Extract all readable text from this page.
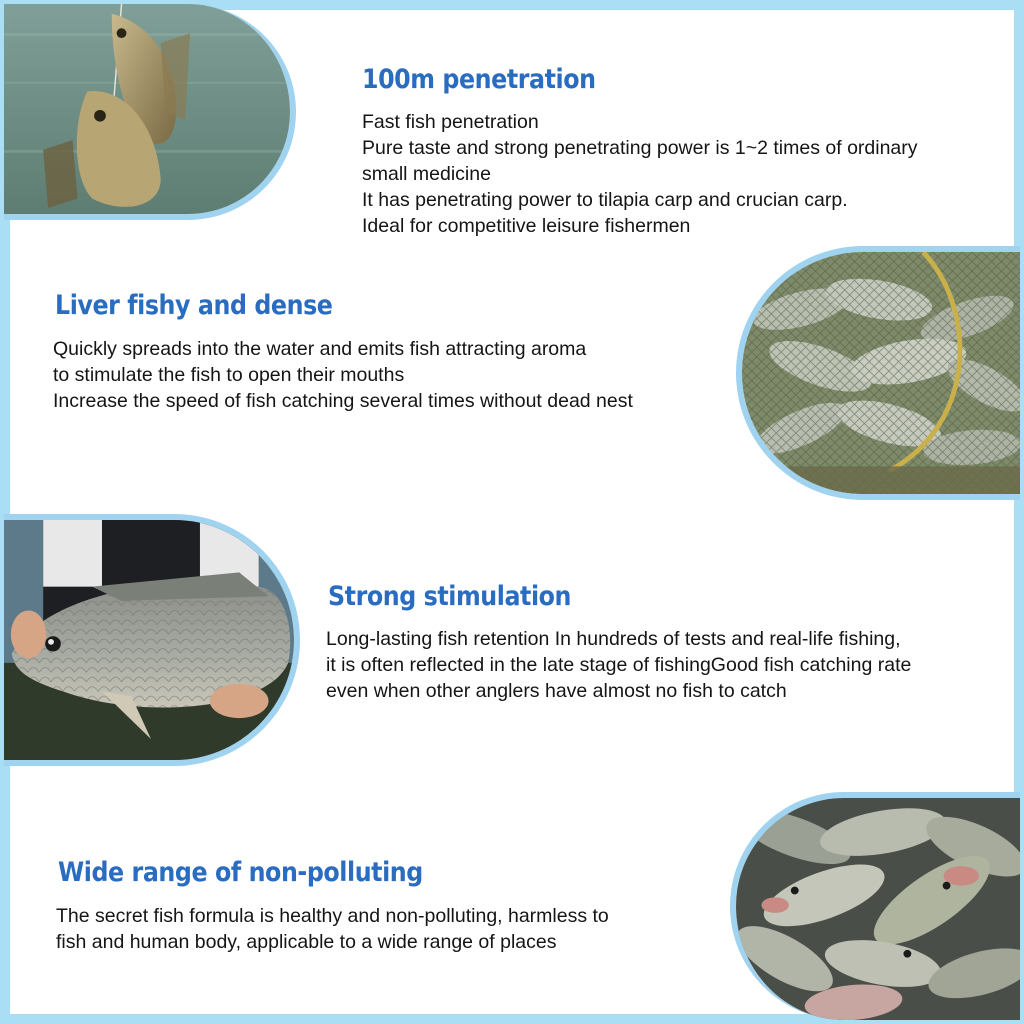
100m penetration
Fast fish penetration
Pure taste and strong penetrating power is 1~2 times of ordinary
small medicine
It has penetrating power to tilapia carp and crucian carp.
Ideal for competitive leisure fishermen
Liver fishy and dense
Quickly spreads into the water and emits fish attracting aroma
to stimulate the fish to open their mouths
Increase the speed of fish catching several times without dead nest
Strong stimulation
Long-lasting fish retention In hundreds of tests and real-life fishing,
it is often reflected in the late stage of fishingGood fish catching rate
even when other anglers have almost no fish to catch
Wide range of non-polluting
The secret fish formula is healthy and non-polluting, harmless to
fish and human body, applicable to a wide range of places
